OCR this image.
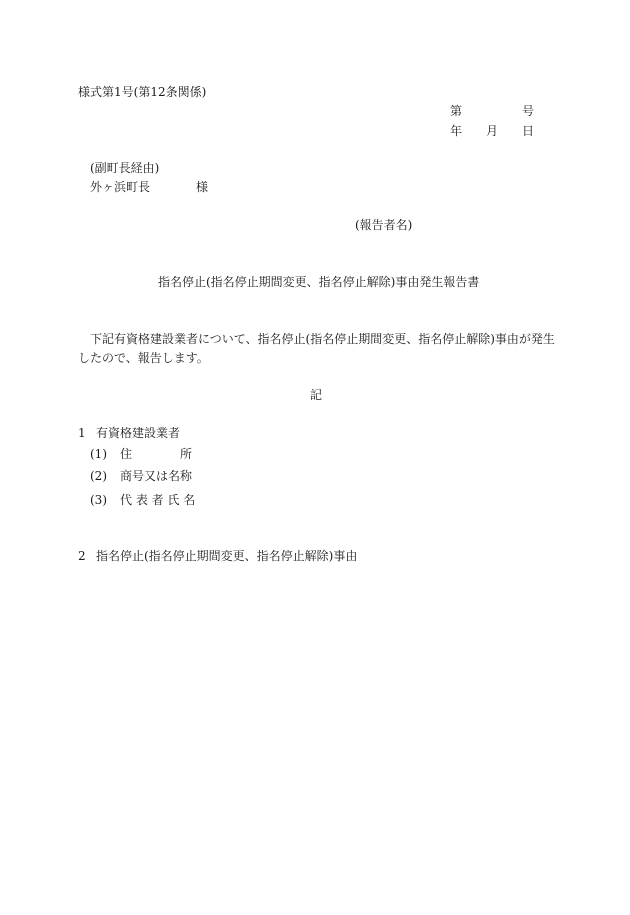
様式第1号(第12条関係)
第	号
年 月 日
(副町長経由)
外ヶ浜町長	様
(報告者名)
指名停止(指名停止期間変更、指名停止解除)事由発生報告書
下記有資格建設業者について、指名停止(指名停止期間変更、指名停止解除)事由が発生
したので、報告します。
記
1 有資格建設業者
(1) 住　　　　所
(2) 商号又は名称
(3) 代 表 者 氏 名
2 指名停止(指名停止期間変更、指名停止解除)事由
